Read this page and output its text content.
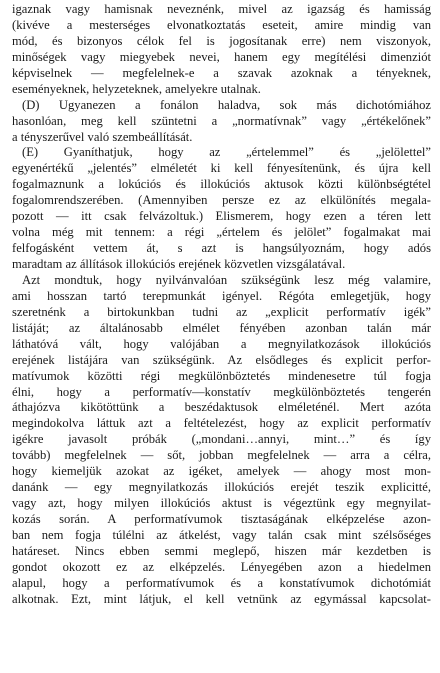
igaznak vagy hamisnak neveznénk, mivel az igazság és hamisság
(kivéve a mesterséges elvonatkoztatás eseteit, amire mindig van
mód, és bizonyos célok fel is jogosítanak erre) nem viszonyok,
minőségek vagy miegyebek nevei, hanem egy megítélési dimenziót
képviselnek — megfelelnek-e a szavak azoknak a tényeknek,
eseményeknek, helyzeteknek, amelyekre utalnak.
(D) Ugyanezen a fonálon haladva, sok más dichotómiához
hasonlóan, meg kell szüntetni a „normatívnak” vagy „értékelőnek”
a tényszerűvel való szembeállítását.
(E) Gyaníthatjuk, hogy az „értelemmel” és „jelölettel”
egyenértékű „jelentés” elméletét ki kell fényesítenünk, és újra kell
fogalmaznunk a lokúciós és illokúciós aktusok közti különbségtétel
fogalomrendszerében. (Amennyiben persze ez az elkülönítés megala-
pozott — itt csak felvázoltuk.) Elismerem, hogy ezen a téren lett
volna még mit tennem: a régi „értelem és jelölet” fogalmakat mai
felfogásként vettem át, s azt is hangsúlyoznám, hogy adós
maradtam az állítások illokúciós erejének közvetlen vizsgálatával.
Azt mondtuk, hogy nyilvánvalóan szükségünk lesz még valamire,
ami hosszan tartó terepmunkát igényel. Régóta emlegetjük, hogy
szeretnénk a birtokunkban tudni az „explicit performatív igék”
listáját; az általánosabb elmélet fényében azonban talán már
láthatóvá vált, hogy valójában a megnyilatkozások illokúciós
erejének listájára van szükségünk. Az elsődleges és explicit perfor-
matívumok közötti régi megkülönböztetés mindenesetre túl fogja
élni, hogy a performatív—konstatív megkülönböztetés tengerén
áthajózva kikötöttünk a beszédaktusok elméleténél. Mert azóta
megindokolva láttuk azt a feltételezést, hogy az explicit performatív
igékre javasolt próbák („mondani…annyi, mint…” és így
tovább) megfelelnek — sőt, jobban megfelelnek — arra a célra,
hogy kiemeljük azokat az igéket, amelyek — ahogy most mon-
danánk — egy megnyilatkozás illokúciós erejét teszik explicitté,
vagy azt, hogy milyen illokúciós aktust is végeztünk egy megnyilat-
kozás során. A performatívumok tisztaságának elképzelése azon-
ban nem fogja túlélni az átkelést, vagy talán csak mint szélsőséges
határeset. Nincs ebben semmi meglepő, hiszen már kezdetben is
gondot okozott ez az elképzelés. Lényegében azon a hiedelmen
alapul, hogy a performatívumok és a konstatívumok dichotómiát
alkotnak. Ezt, mint látjuk, el kell vetnünk az egymással kapcsolat-
